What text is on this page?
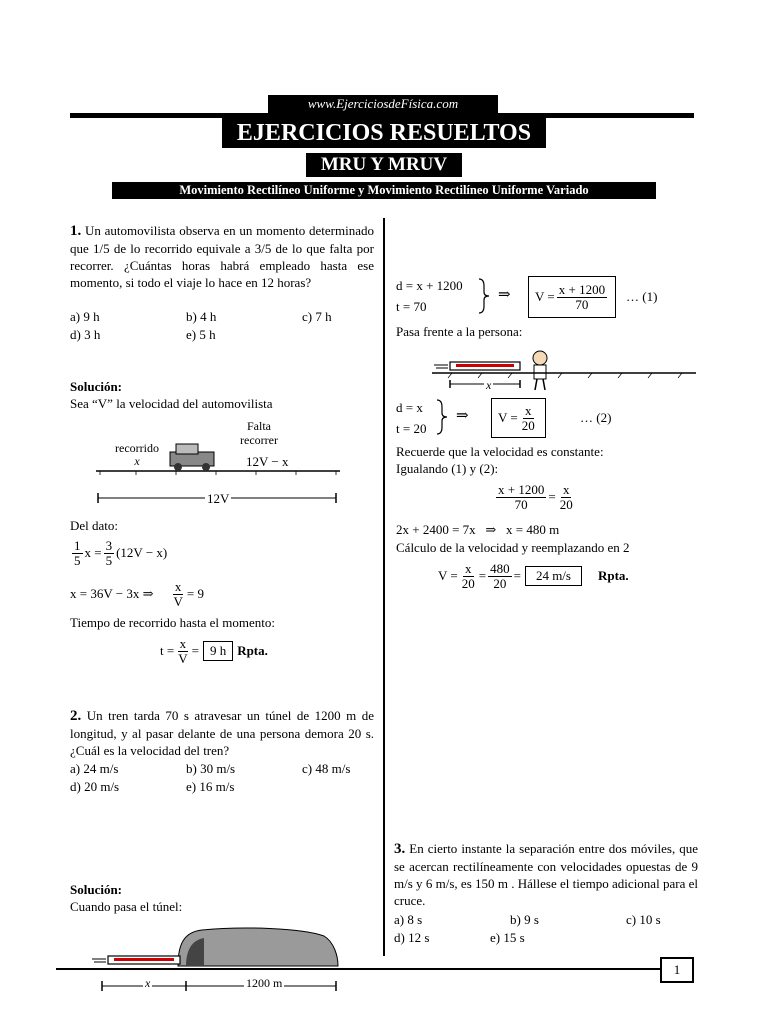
www.EjerciciosdeFísica.com
EJERCICIOS RESUELTOS
MRU Y MRUV
Movimiento Rectilíneo Uniforme y Movimiento Rectilíneo Uniforme Variado
1. Un automovilista observa en un momento determinado que 1/5 de lo recorrido equivale a 3/5 de lo que falta por recorrer. ¿Cuántas horas habrá empleado hasta ese momento, si todo el viaje lo hace en 12 horas?
a) 9 h	b) 4 h	c) 7 h
d) 3 h	e) 5 h
Solución:
Sea “V” la velocidad del automovilista
Falta
recorrer
recorrido
x	12V − x
12V
Del dato:
$\frac{1}{5}$ $x = \frac{3}{5} (12V - x)$
x = 36V − 3x ⇒ $\frac{x}{V} = 9$
Tiempo de recorrido hasta el momento:
$t = \frac{x}{V} = 9$ h Rpta.
2. Un tren tarda 70 s atravesar un túnel de 1200 m de longitud, y al pasar delante de una persona demora 20 s. ¿Cuál es la velocidad del tren?
a) 24 m/s	b) 30 m/s	c) 48 m/s
d) 20 m/s	e) 16 m/s
Solución:
Cuando pasa el túnel:
x	1200 m
d = x + 1200
t = 70
⇒ $V = \frac{x + 1200}{70}$ … (1)
Pasa frente a la persona:
x
d = x
t = 20
⇒ $V = \frac{x}{20}$	… (2)
Recuerde que la velocidad es constante:
Igualando (1) y (2):
$\frac{x + 1200}{70} = \frac{x}{20}$
2x + 2400 = 7x   ⇒   x = 480 m
Cálculo de la velocidad y reemplazando en 2
$V = \frac{x}{20} = \frac{480}{20}$ =	24 m/s	Rpta.
3. En cierto instante la separación entre dos móviles, que se acercan rectilíneamente con velocidades opuestas de 9 m/s y 6 m/s, es 150 m . Hállese el tiempo adicional para el cruce.
a) 8 s	b) 9 s	c) 10 s
d) 12 s	e) 15 s
1
